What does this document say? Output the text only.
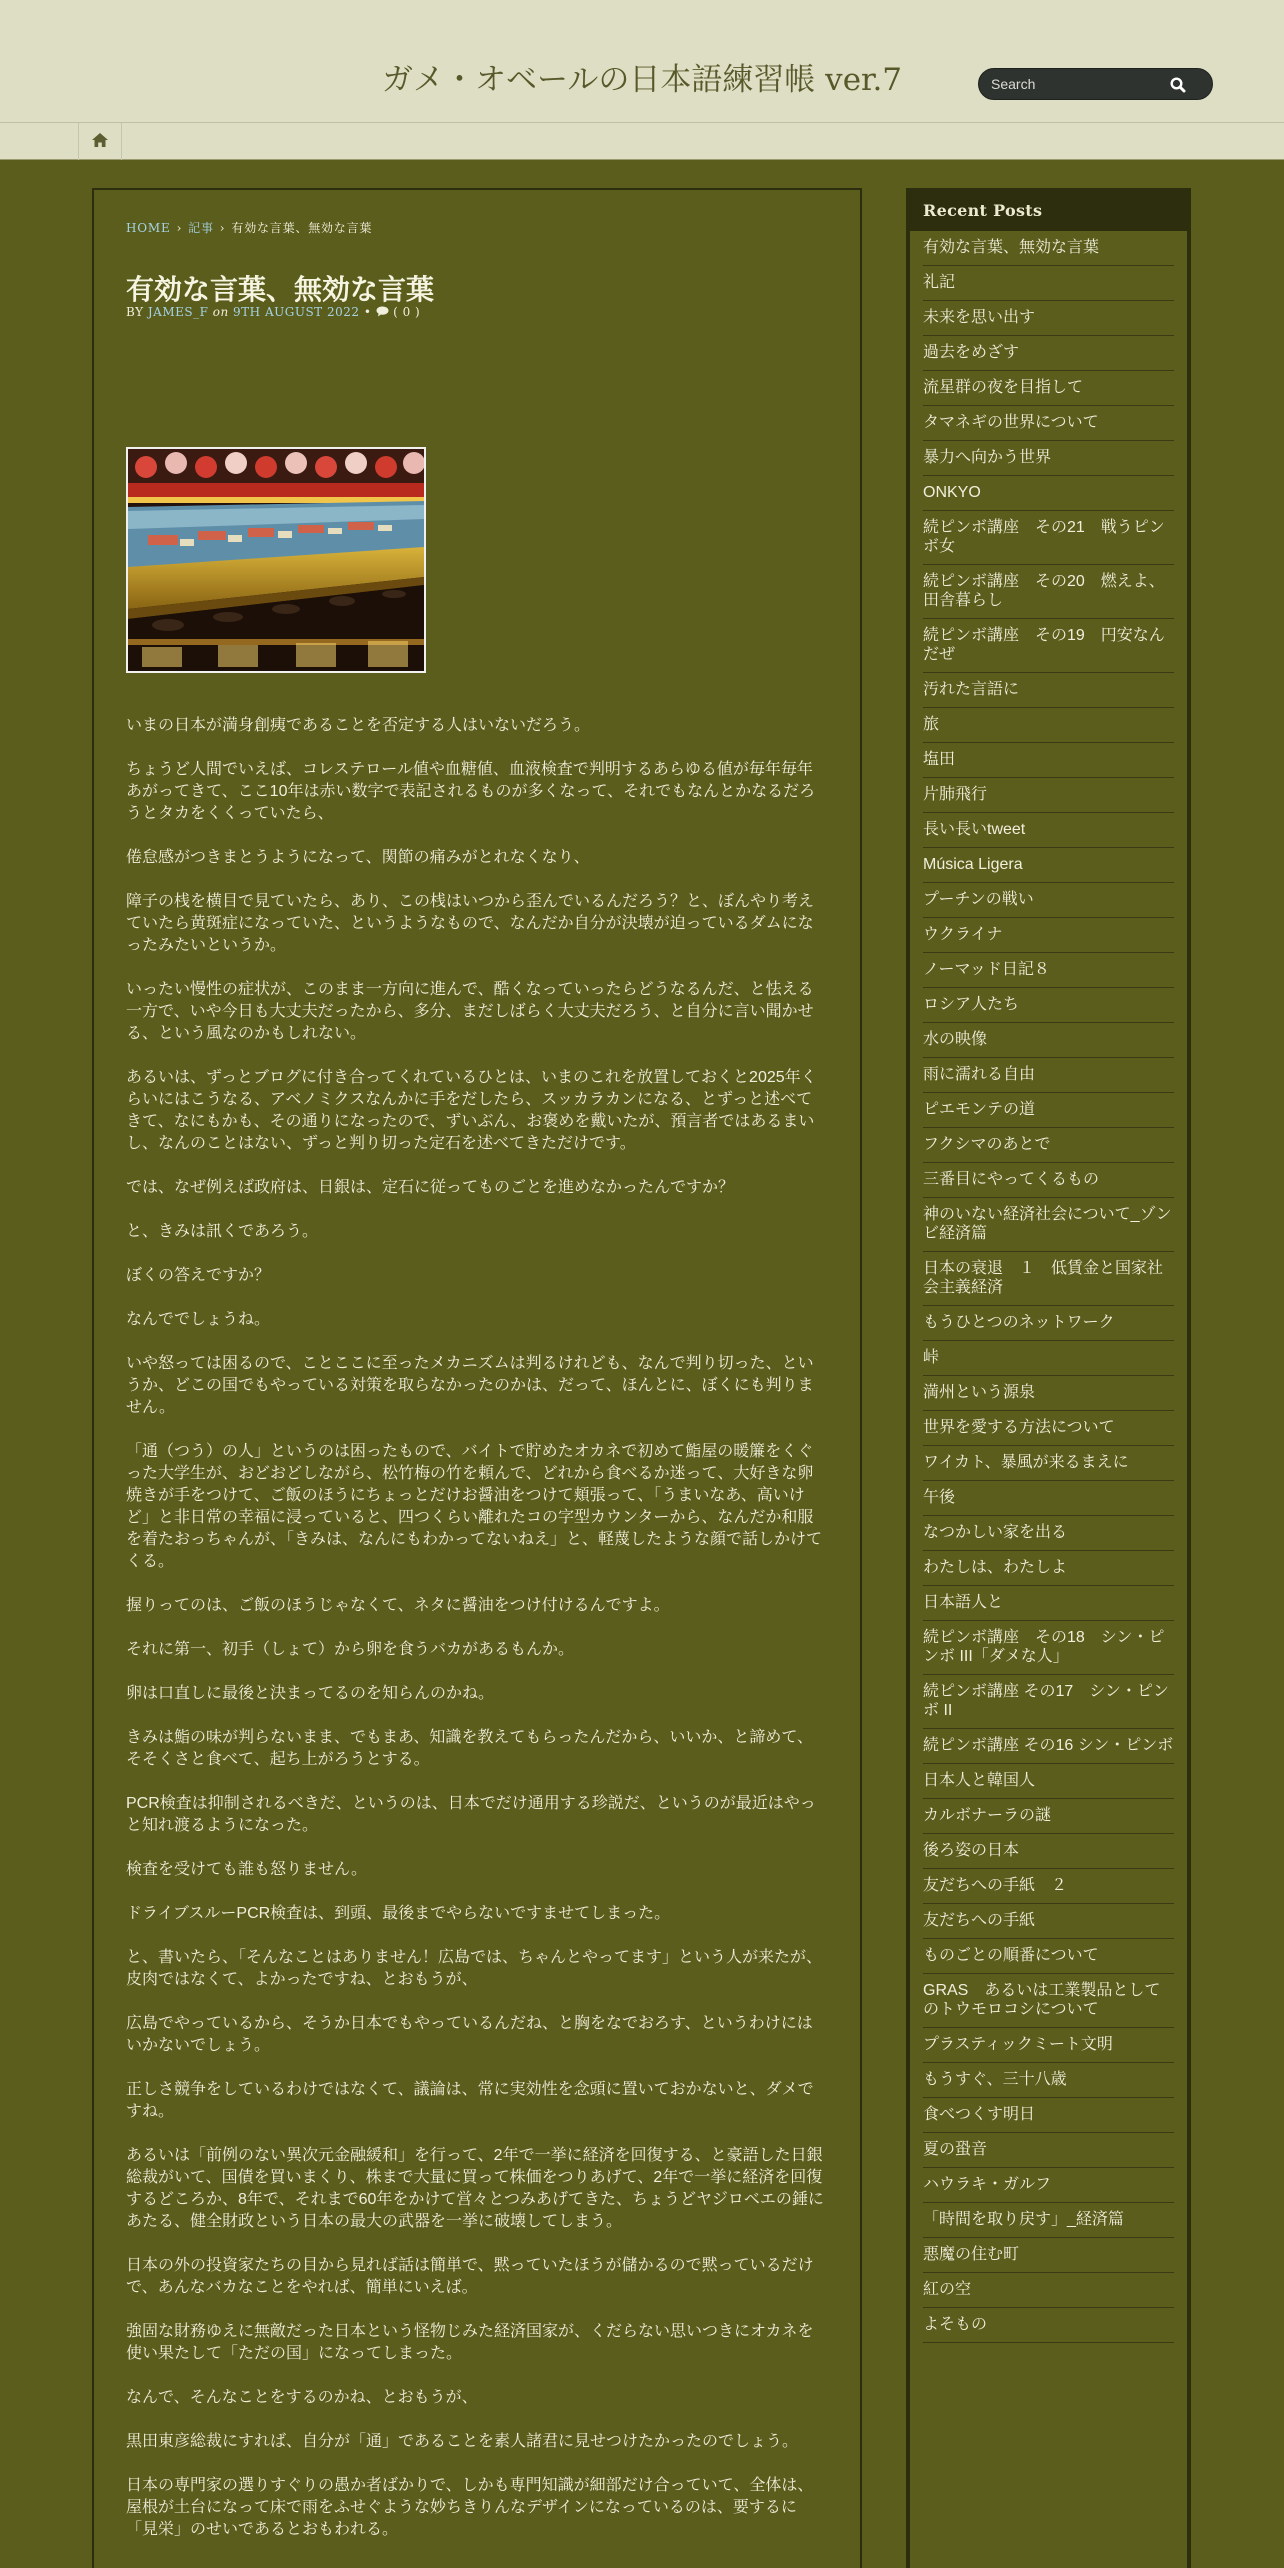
ガメ・オベールの日本語練習帳 ver.7
Search
HOME › 記事 › 有効な言葉、無効な言葉
有効な言葉、無効な言葉
BY JAMES_F on 9TH AUGUST 2022 • ( 0 )

いまの日本が満身創痍であることを否定する人はいないだろう。

ちょうど人間でいえば、コレステロール値や血糖値、血液検査で判明するあらゆる値が毎年毎年あがってきて、ここ10年は赤い数字で表記されるものが多くなって、それでもなんとかなるだろうとタカをくくっていたら、

倦怠感がつきまとうようになって、関節の痛みがとれなくなり、

障子の桟を横目で見ていたら、あり、この桟はいつから歪んでいるんだろう？と、ぼんやり考えていたら黄斑症になっていた、というようなもので、なんだか自分が決壊が迫っているダムになったみたいというか。

いったい慢性の症状が、このまま一方向に進んで、酷くなっていったらどうなるんだ、と怯える一方で、いや今日も大丈夫だったから、多分、まだしばらく大丈夫だろう、と自分に言い聞かせる、という風なのかもしれない。

あるいは、ずっとブログに付き合ってくれているひとは、いまのこれを放置しておくと2025年くらいにはこうなる、アベノミクスなんかに手をだしたら、スッカラカンになる、とずっと述べてきて、なにもかも、その通りになったので、ずいぶん、お褒めを戴いたが、預言者ではあるまいし、なんのことはない、ずっと判り切った定石を述べてきただけです。

では、なぜ例えば政府は、日銀は、定石に従ってものごとを進めなかったんですか？

と、きみは訊くであろう。

ぼくの答えですか？

なんででしょうね。

いや怒っては困るので、ことここに至ったメカニズムは判るけれども、なんで判り切った、というか、どこの国でもやっている対策を取らなかったのかは、だって、ほんとに、ぼくにも判りません。

「通（つう）の人」というのは困ったもので、バイトで貯めたオカネで初めて鮨屋の暖簾をくぐった大学生が、おどおどしながら、松竹梅の竹を頼んで、どれから食べるか迷って、大好きな卵焼きが手をつけて、ご飯のほうにちょっとだけお醤油をつけて頬張って、「うまいなあ、高いけど」と非日常の幸福に浸っていると、四つくらい離れたコの字型カウンターから、なんだか和服を着たおっちゃんが、「きみは、なんにもわかってないねえ」と、軽蔑したような顔で話しかけてくる。

握りってのは、ご飯のほうじゃなくて、ネタに醤油をつけ付けるんですよ。

それに第一、初手（しょて）から卵を食うバカがあるもんか。

卵は口直しに最後と決まってるのを知らんのかね。

きみは鮨の味が判らないまま、でもまあ、知識を教えてもらったんだから、いいか、と諦めて、そそくさと食べて、起ち上がろうとする。

PCR検査は抑制されるべきだ、というのは、日本でだけ通用する珍説だ、というのが最近はやっと知れ渡るようになった。

検査を受けても誰も怒りません。

ドライブスルーPCR検査は、到頭、最後までやらないですませてしまった。

と、書いたら、「そんなことはありません！広島では、ちゃんとやってます」という人が来たが、皮肉ではなくて、よかったですね、とおもうが、

広島でやっているから、そうか日本でもやっているんだね、と胸をなでおろす、というわけにはいかないでしょう。

正しさ競争をしているわけではなくて、議論は、常に実効性を念頭に置いておかないと、ダメですね。

あるいは「前例のない異次元金融緩和」を行って、2年で一挙に経済を回復する、と豪語した日銀総裁がいて、国債を買いまくり、株まで大量に買って株価をつりあげて、2年で一挙に経済を回復するどころか、8年で、それまで60年をかけて営々とつみあげてきた、ちょうどヤジロベエの錘にあたる、健全財政という日本の最大の武器を一挙に破壊してしまう。

日本の外の投資家たちの目から見れば話は簡単で、黙っていたほうが儲かるので黙っているだけで、あんなバカなことをやれば、簡単にいえば。

強固な財務ゆえに無敵だった日本という怪物じみた経済国家が、くだらない思いつきにオカネを使い果たして「ただの国」になってしまった。

なんで、そんなことをするのかね、とおもうが、

黒田東彦総裁にすれば、自分が「通」であることを素人諸君に見せつけたかったのでしょう。

日本の専門家の選りすぐりの愚か者ばかりで、しかも専門知識が細部だけ合っていて、全体は、屋根が土台になって床で雨をふせぐような妙ちきりんなデザインになっているのは、要するに「見栄」のせいであるとおもわれる。

Recent Posts
有効な言葉、無効な言葉
礼記
未来を思い出す
過去をめざす
流星群の夜を目指して
タマネギの世界について
暴力へ向かう世界
ONKYO
続ピンボ講座　その21　戦うピンボ女
続ピンボ講座　その20　燃えよ、田舎暮らし
続ピンボ講座　その19　円安なんだぜ
汚れた言語に
旅
塩田
片肺飛行
長い長いtweet
Música Ligera
プーチンの戦い
ウクライナ
ノーマッド日記８
ロシア人たち
水の映像
雨に濡れる自由
ピエモンテの道
フクシマのあとで
三番目にやってくるもの
神のいない経済社会について_ゾンビ経済篇
日本の衰退　１　低賃金と国家社会主義経済
もうひとつのネットワーク
峠
満州という源泉
世界を愛する方法について
ワイカト、暴風が来るまえに
午後
なつかしい家を出る
わたしは、わたしよ
日本語人と
続ピンボ講座　その18　シン・ピンボ III「ダメな人」
続ピンボ講座 その17　シン・ピンボ II
続ピンボ講座 その16 シン・ピンボ
日本人と韓国人
カルボナーラの謎
後ろ姿の日本
友だちへの手紙　２
友だちへの手紙
ものごとの順番について
GRAS　あるいは工業製品としてのトウモロコシについて
プラスティックミート文明
もうすぐ、三十八歳
食べつくす明日
夏の蛩音
ハウラキ・ガルフ
「時間を取り戻す」_経済篇
悪魔の住む町
紅の空
よそもの
